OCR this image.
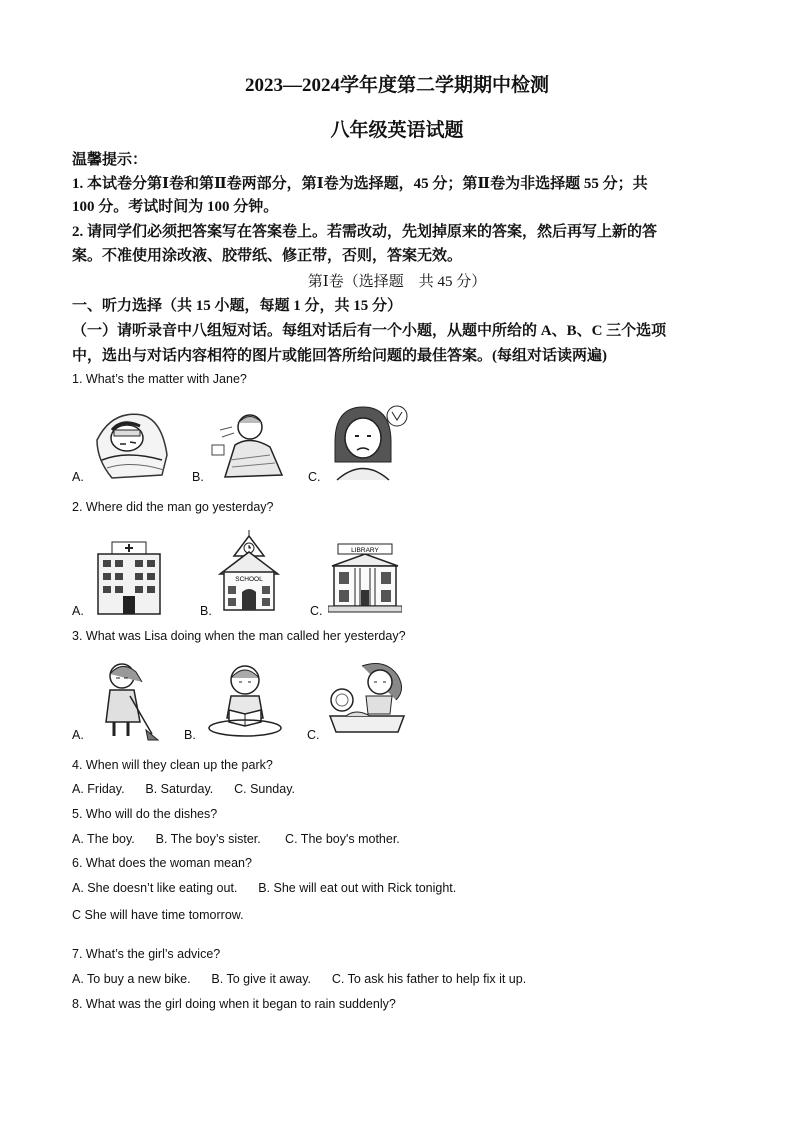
2023—2024学年度第二学期期中检测
八年级英语试题
温馨提示：
1. 本试卷分第Ⅰ卷和第Ⅱ卷两部分，第Ⅰ卷为选择题，45 分；第Ⅱ卷为非选择题 55 分；共
100 分。考试时间为 100 分钟。
2. 请同学们必须把答案写在答案卷上。若需改动，先划掉原来的答案，然后再写上新的答
案。不准使用涂改液、胶带纸、修正带，否则，答案无效。
第Ⅰ卷（选择题　共 45 分）
一、听力选择（共 15 小题，每题 1 分，共 15 分）
（一）请听录音中八组短对话。每组对话后有一个小题，从题中所给的 A、B、C 三个选项
中，选出与对话内容相符的图片或能回答所给问题的最佳答案。(每组对话读两遍)
1. What’s the matter with Jane?
A.	B.	C.
2. Where did the man go yesterday?
A.	B.
SCHOOL
C.
LIBRARY
3. What was Lisa doing when the man called her yesterday?
A.	B.	C.
4. When will they clean up the park?
A. Friday.      B. Saturday.      C. Sunday.
5. Who will do the dishes?
A. The boy.      B. The boy’s sister.       C. The boy's mother.
6. What does the woman mean?
A. She doesn’t like eating out.      B. She will eat out with Rick tonight.
C She will have time tomorrow.
7. What’s the girl’s advice?
A. To buy a new bike.      B. To give it away.      C. To ask his father to help fix it up.
8. What was the girl doing when it began to rain suddenly?
